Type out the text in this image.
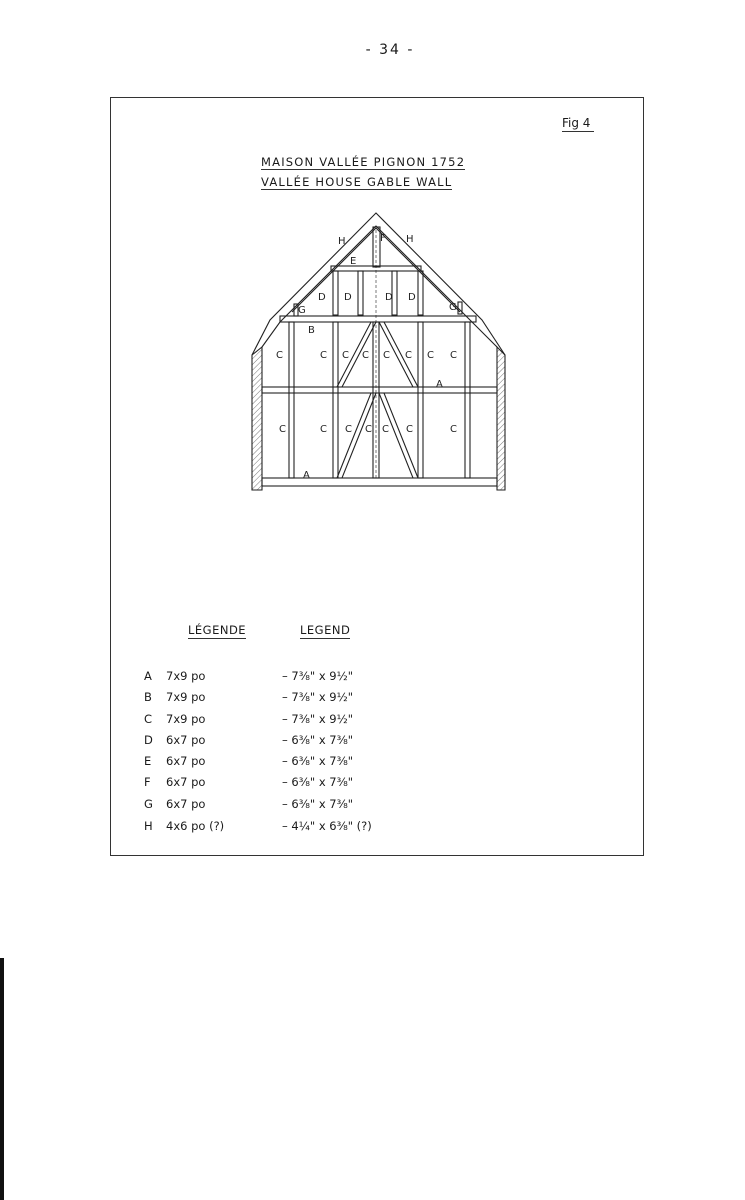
- 34 -
Fig 4
MAISON VALLÉE PIGNON 1752
VALLÉE HOUSE GABLE WALL
H	H
F
E
D D	D D
G	G
B
C	C C C C C C C
A
C	C C C C C	C
A
LÉGENDE	LEGEND
A 7x9 po	– 7⅜" x 9½"
B 7x9 po	– 7⅜" x 9½"
C 7x9 po	– 7⅜" x 9½"
D 6x7 po	– 6⅜" x 7⅜"
E 6x7 po	– 6⅜" x 7⅜"
F 6x7 po	– 6⅜" x 7⅜"
G 6x7 po	– 6⅜" x 7⅜"
H 4x6 po (?)	– 4¼" x 6⅜" (?)
